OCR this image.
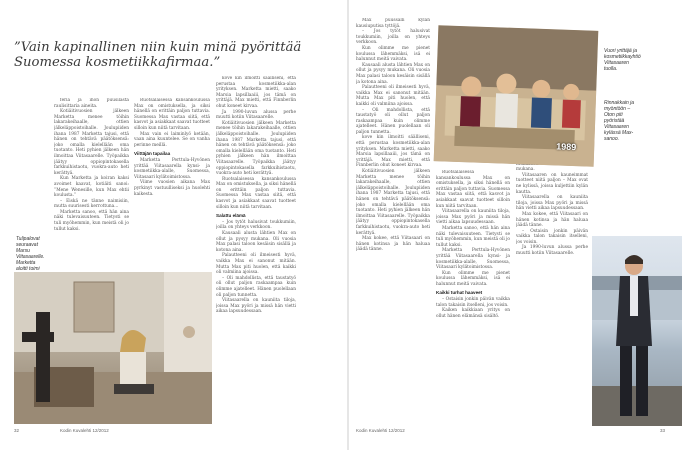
”Vain kapinallinen niin kuin minä pyörittää Suomessa kosmetiikkafirmaa.”
Tulipalovat seuraavat Marsu Viitasaarelle. Marketta aloitti toimi

feria ja ihon puusilasta raulisittaria aineita.

Kotiäitivuosien jälkeen Marketta menee töihin lakarakeihaalle, ottien jälkeläppoistoihalle. Joulupiiden ihana 1987 Marketta tajusi, että hänen on tehtävä päätöksensä: joko omalla kielellään oma tuotanto. Heti pyhien jälkeen hän ilmoittaa Viitasaarelle. Työpaikka jäätyy oppiopintokasella farkkuihistaotu, vuokra-auto heti kerättyä.

Kun Marketta ja koiran kaksi avoimet kaavat, kotiäiti sanoi: ”Mene Wenesille, kun Max ehtii koulusta.”

– Eiskä ne tänne naimisiin, mutta suurisesti kerrottuna...

Marketta sanoo, että hän aina näki tulevaisuuteen. Tietysti se tuli myöhemmin, kun meistä oli jo tullut kaksi.

Ruotsalaisessa kansankoulussa Max on omistuksella, ja siksi hänellä on erittäin paljon tuttavia. Suomessa Max vastaa siitä, että kasvot ja asiakkaat saavat tuotteet silloin kun niitä tarvitaan.

Max vain ei laiminlyö ketään, vaan aina kuuntelee. Se on vanha perinne meillä.

Viittäjän tapailaa

Marketta Perttula-Hyvönen yrittää Viitasaarella kynsi- ja kosmetiikka-alalle, Suomessa, Viitasaari kylätoimistossa.

Viime vuosien aikana Max pyrkinyt vastuulliseksi ja huolehti kaikesta.

kove kin ilmoitti säälliseni, että perustaa kosmetiikka-alan yrityksen. Marketta mietti, saako Marsia lapsillaaiii, jos tämä on yrittäjä. Max mietti, että Finnberlin ohut koneet kirvaa.

Ja 1990-luvun alussa perhe muutti kotiin Viitasaarelle.

Kotiäitivuosien jälkeen Marketta menee töihin lakarakeihaalle, ottien jälkeläppoistoihalle. Joulupiiden ihana 1987 Marketta tajusi, että hänen on tehtävä päätöksensä: joko omalla kielellään oma tuotanto. Heti pyhien jälkeen hän ilmoittaa Viitasaarelle. Työpaikka jäätyy oppiopintokasella farkkuihistaotu, vuokra-auto heti kerättyä.

Ruotsalaisessa kansankoulussa Max on omistuksella, ja siksi hänellä on erittäin paljon tuttavia. Suomessa Max vastaa siitä, että kasvot ja asiakkaat saavat tuotteet silloin kun niitä tarvitaan.

Salattu elämä

– Jos tytöt halusivat toukkumiin, joilla on yhteys verkkoon.

Kausaali alusta lähtien Max on ollut ja pysyy mukana. Oli vuosia Max palasi taloon kesäisin sisällä ja kotona aina.

Palautteeni oli ilmeisesti hyvä, vaikka Max ei sanonut mitään. Mutta Max piti huolen, että kaikki oli valmiina ajoissa.

– Oli mahdollista, että taustatyö oli ollut paljon raskaampaa kuin olimme ajatelleet. Hänen puolellaan oli paljon tunnetta.

Viitasaarella on kauniita tiloja, joissa Max pyöri ja missä hän vietti aikaa lapsuudessaan.

32	Kodin Kuvalehti 12/2012

Max puussalli kylän kausiuputisa tyttöjä.

– Jos tytöt halusivat toukkumiin, joilla on yhteys verkkoon.

Kun olimme me pienet koulussa lähemmäksi, isä ei halunnut meitä vaivata.

Kausaali alusta lähtien Max on ollut ja pysyy mukana. Oli vuosia Max palasi taloon kesäisin sisällä ja kotona aina.

Palautteeni oli ilmeisesti hyvä, vaikka Max ei sanonut mitään. Mutta Max piti huolen, että kaikki oli valmiina ajoissa.

– Oli mahdollista, että taustatyö oli ollut paljon raskaampaa kuin olimme ajatelleet. Hänen puolellaan oli paljon tunnetta.

kove kin ilmoitti säälliseni, että perustaa kosmetiikka-alan yrityksen. Marketta mietti, saako Marsia lapsillaaiii, jos tämä on yrittäjä. Max mietti, että Finnberlin ohut koneet kirvaa.

Kotiäitivuosien jälkeen Marketta menee töihin lakarakeihaalle, ottien jälkeläppoistoihalle. Joulupiiden ihana 1987 Marketta tajusi, että hänen on tehtävä päätöksensä: joko omalla kielellään oma tuotanto. Heti pyhien jälkeen hän ilmoittaa Viitasaarelle. Työpaikka jäätyy oppiopintokasella farkkuihistaotu, vuokra-auto heti kerättyä.

Max kokee, että Viitasaari on hänen kotinsa ja hän haluaa jäädä tänne.

Ruotsalaisessa kansankoulussa Max on omistuksella, ja siksi hänellä on erittäin paljon tuttavia. Suomessa Max vastaa siitä, että kasvot ja asiakkaat saavat tuotteet silloin kun niitä tarvitaan.

Viitasaarella on kauniita tiloja, joissa Max pyöri ja missä hän vietti aikaa lapsuudessaan.

Marketta sanoo, että hän aina näki tulevaisuuteen. Tietysti se tuli myöhemmin, kun meistä oli jo tullut kaksi.

Marketta Perttula-Hyvönen yrittää Viitasaarella kynsi- ja kosmetiikka-alalle, Suomessa, Viitasaari kylätoimistossa.

Kun olimme me pienet koulussa lähemmäksi, isä ei halunnut meitä vaivata.

Kaikki turhat haaveet

– Ostaisin jonkin päivän vaikka talon takaisin itselleni, jos voisin.

Kaiken kaikkiaan yritys on ollut hänen elämänsä sisältö.

mukana.

Viitasaaren on kauneimmat tuotteet niitä paljon – Max ovat ne kylissä, joissa kuljettiin kylän kautta.

Viitasaarella on kauniita tiloja, joissa Max pyöri ja missä hän vietti aikaa lapsuudessaan.

Max kokee, että Viitasaari on hänen kotinsa ja hän haluaa jäädä tänne.

– Ostaisin jonkin päivän vaikka talon takaisin itselleni, jos voisin.

Ja 1990-luvun alussa perhe muutti kotiin Viitasaarelle.

1989
Vuori yrittäjä ja kosmetiikkayhtiö Viitasaaren tuolla.
Rinnakkain ja myöntöön – Oton piti pyöristää Viitasaaren kylässä Max-sanoo.
Kodin Kuvalehti 12/2012	33
